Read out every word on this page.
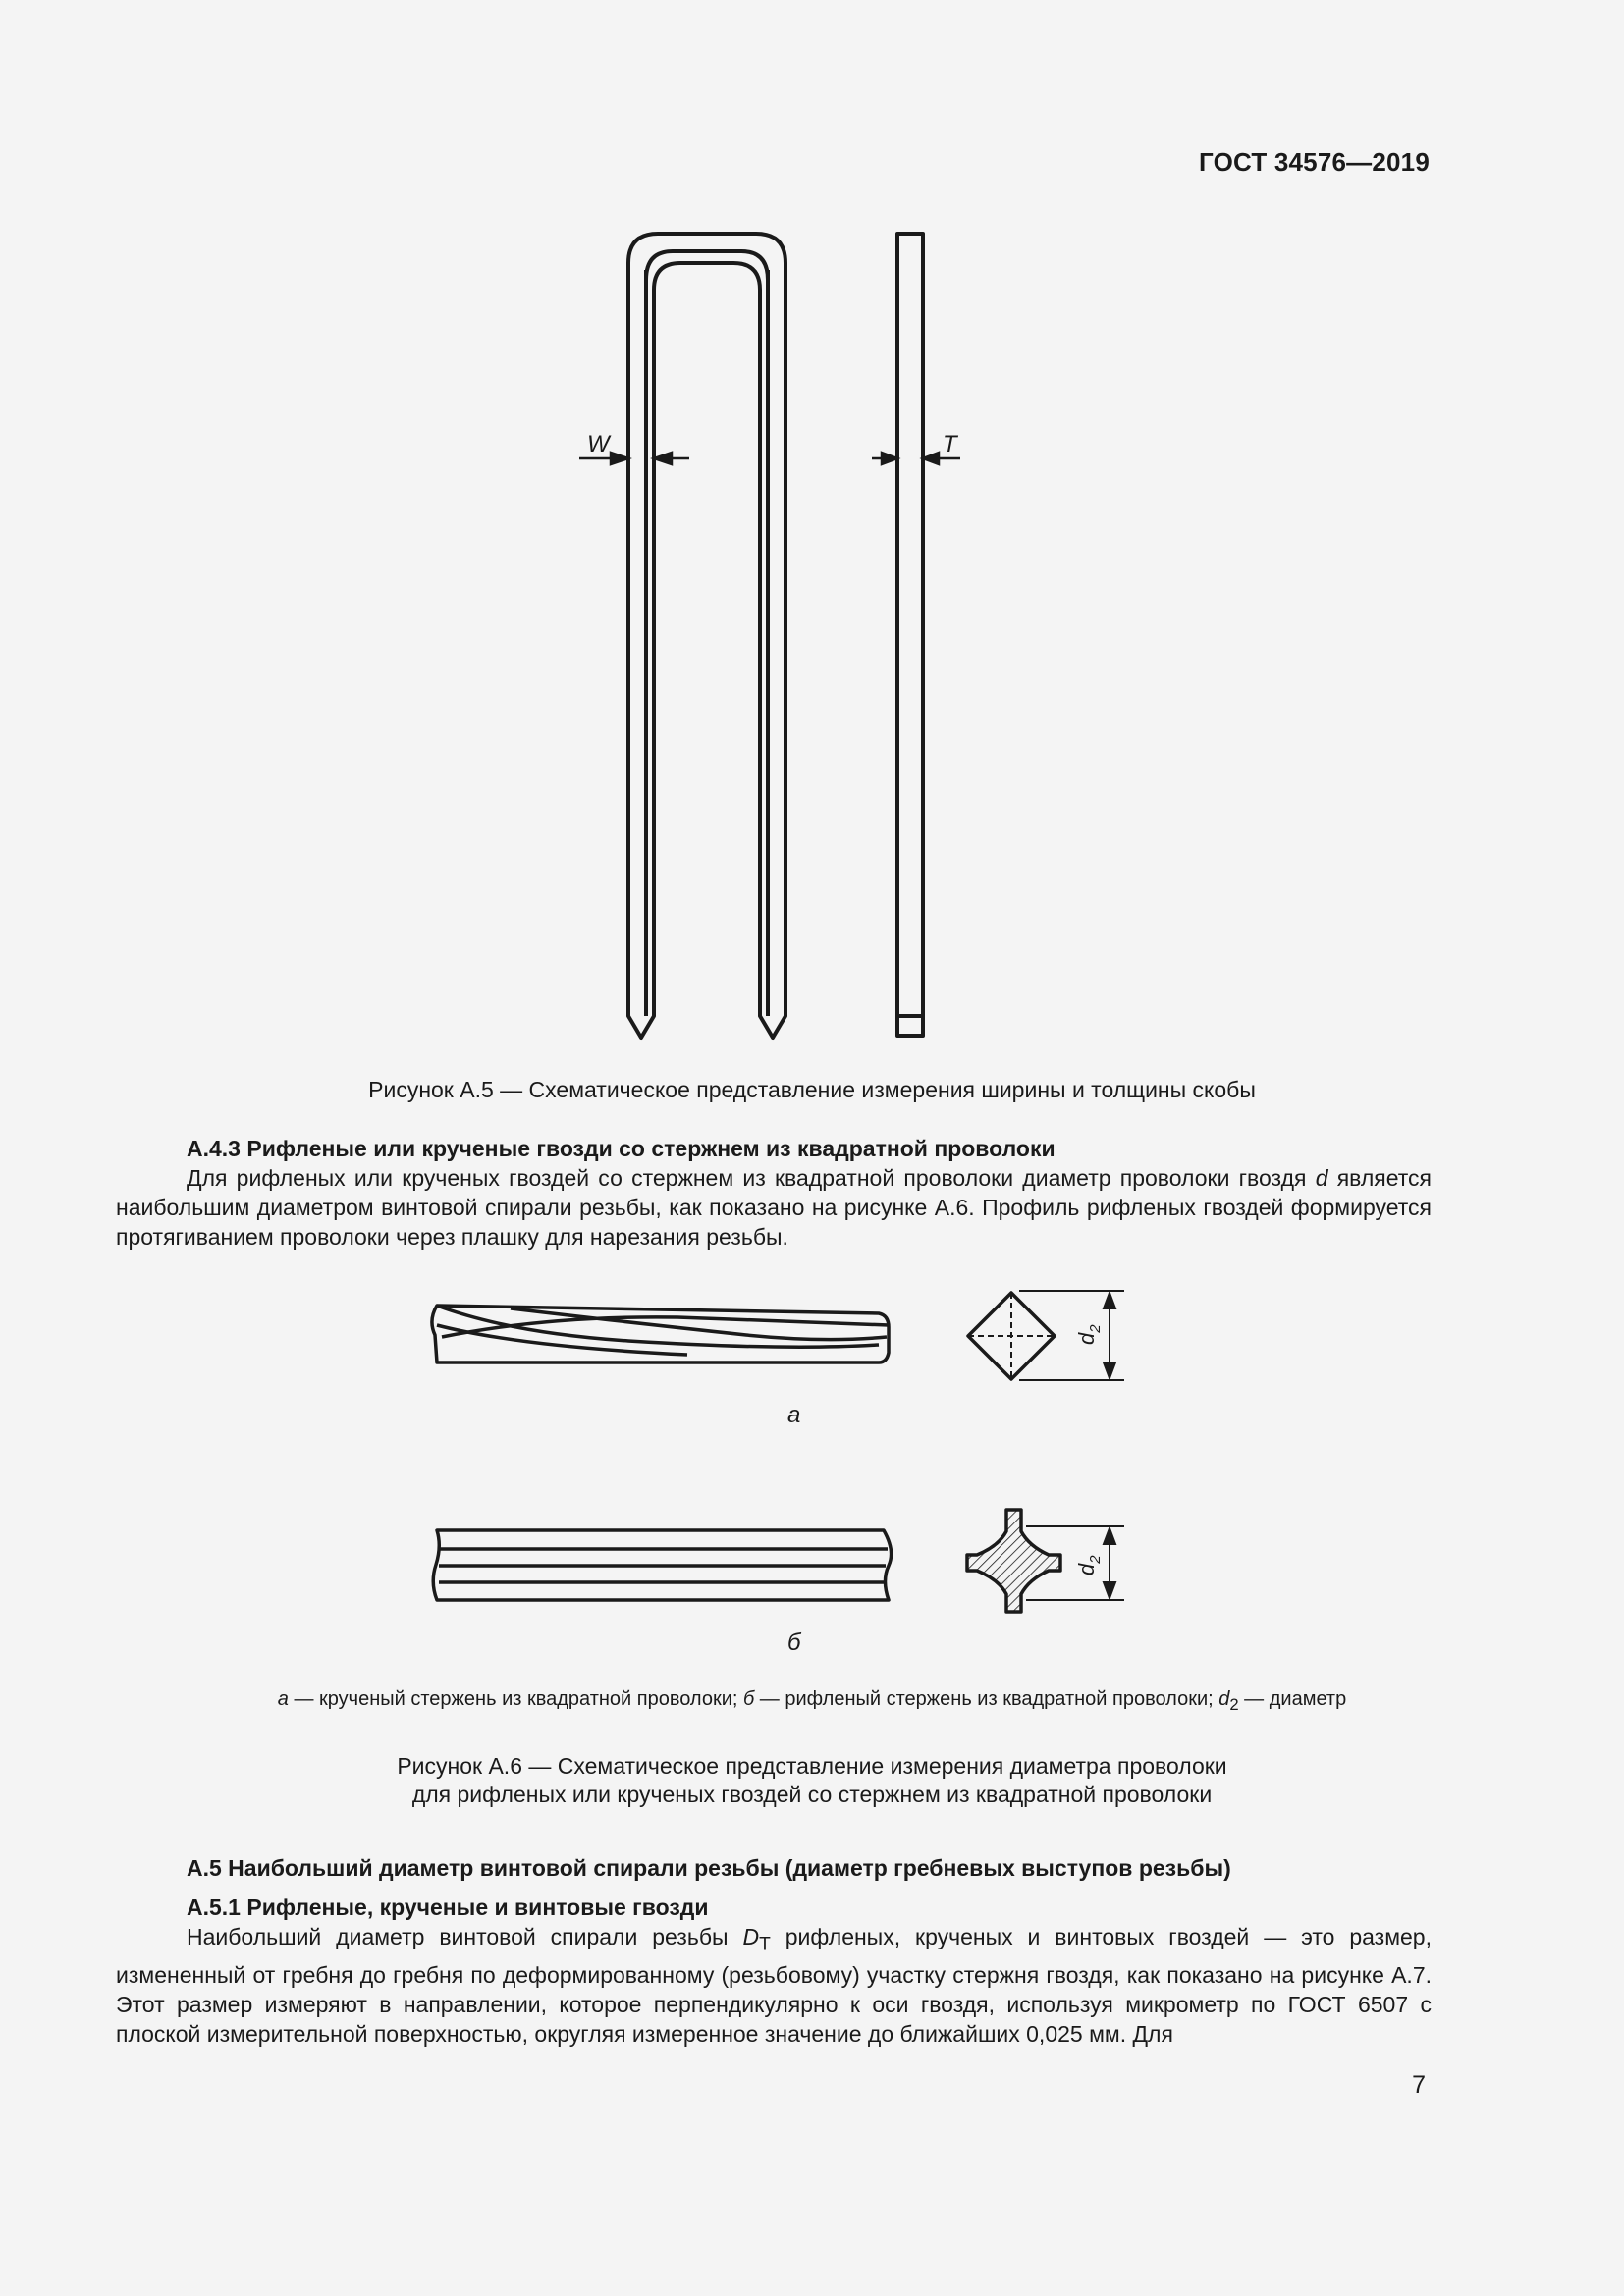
ГОСТ 34576—2019
W	T
Рисунок А.5 — Схематическое представление измерения ширины и толщины скобы
А.4.3 Рифленые или крученые гвозди со стержнем из квадратной проволоки
Для рифленых или крученых гвоздей со стержнем из квадратной проволоки диаметр проволоки гвоздя d является наибольшим диаметром винтовой спирали резьбы, как показано на рисунке А.6. Профиль рифленых гвоздей формируется протягиванием проволоки через плашку для нарезания резьбы.
$d_2$
а
$d_2$
б
а — крученый стержень из квадратной проволоки; б — рифленый стержень из квадратной проволоки; $d_2$ — диаметр
Рисунок А.6 — Схематическое представление измерения диаметра проволоки
для рифленых или крученых гвоздей со стержнем из квадратной проволоки
А.5 Наибольший диаметр винтовой спирали резьбы (диаметр гребневых выступов резьбы)
А.5.1 Рифленые, крученые и винтовые гвозди
Наибольший диаметр винтовой спирали резьбы $D_T$ рифленых, крученых и винтовых гвоздей — это размер, измененный от гребня до гребня по деформированному (резьбовому) участку стержня гвоздя, как показано на рисунке А.7. Этот размер измеряют в направлении, которое перпендикулярно к оси гвоздя, используя микрометр по ГОСТ 6507 с плоской измерительной поверхностью, округляя измеренное значение до ближайших 0,025 мм. Для
7
